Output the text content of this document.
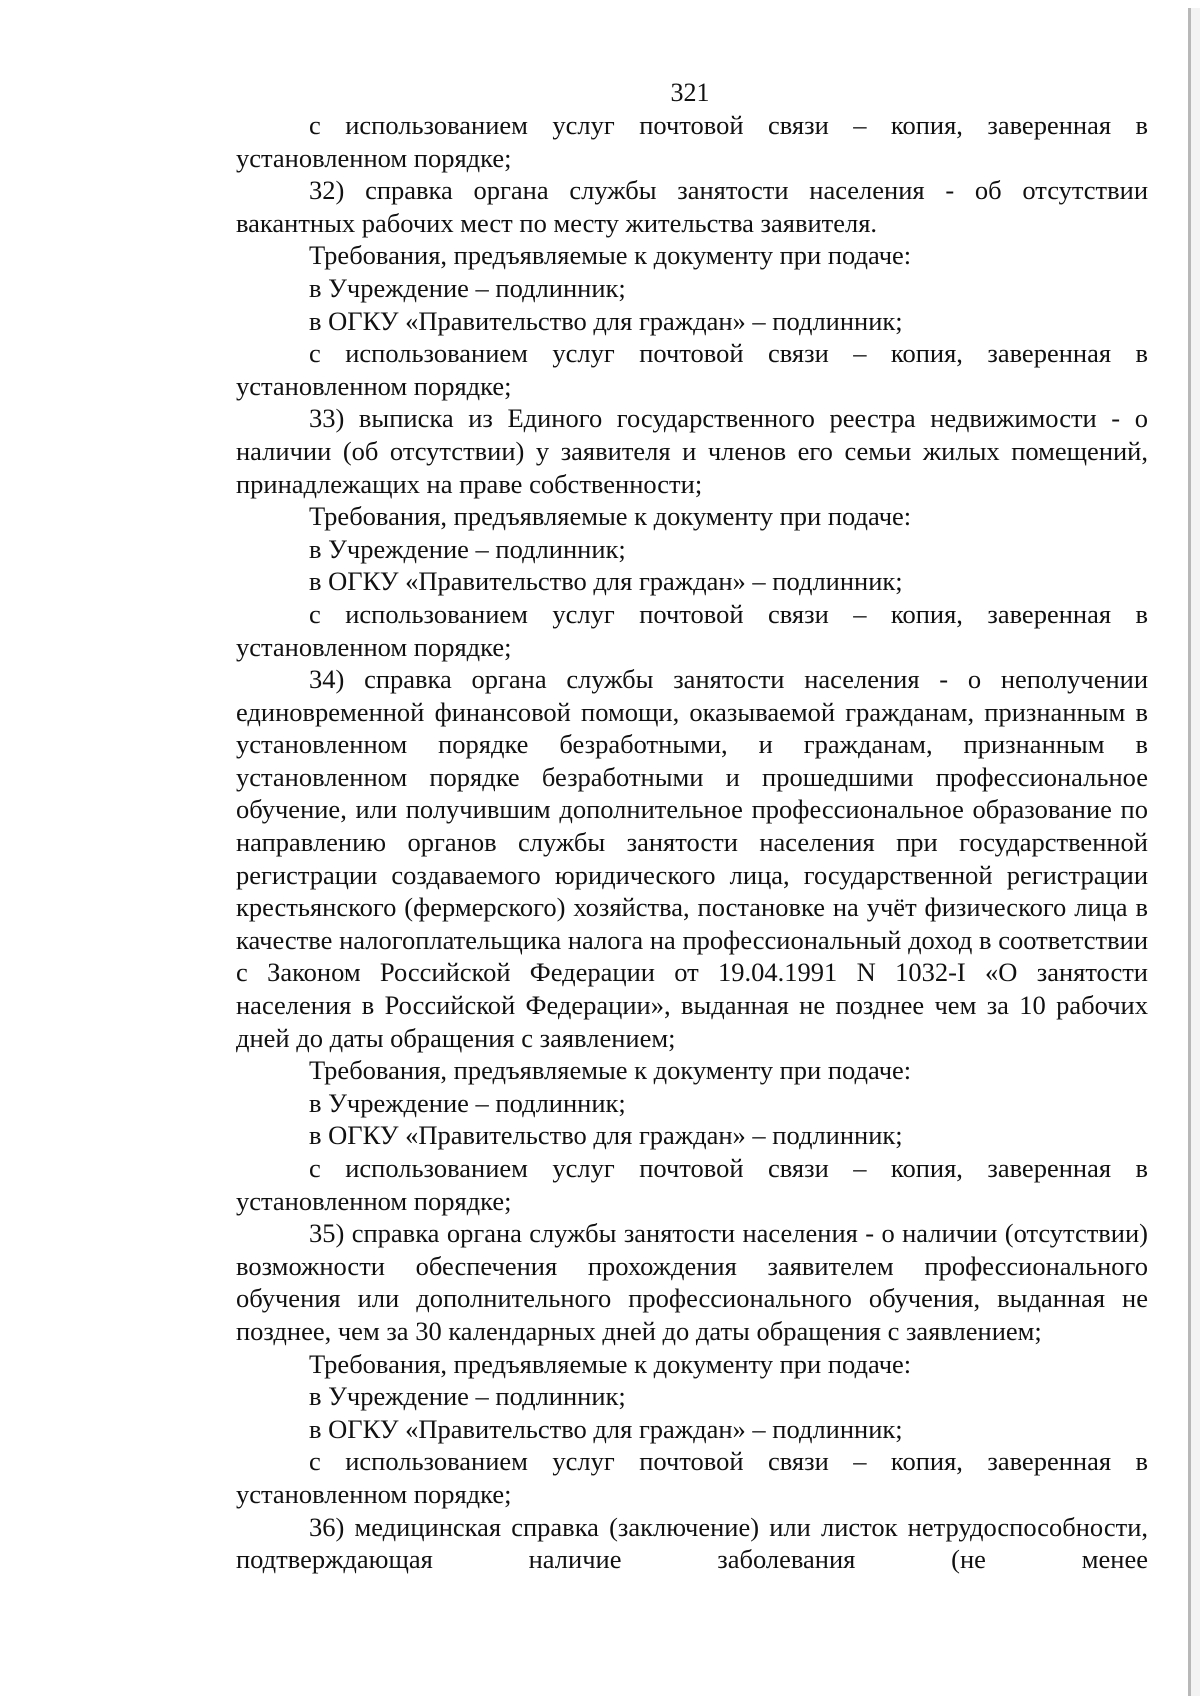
321

с использованием услуг почтовой связи – копия, заверенная в установленном порядке;

32) справка органа службы занятости населения - об отсутствии вакантных рабочих мест по месту жительства заявителя.

Требования, предъявляемые к документу при подаче:

в Учреждение – подлинник;

в ОГКУ «Правительство для граждан» – подлинник;

с использованием услуг почтовой связи – копия, заверенная в установленном порядке;

33) выписка из Единого государственного реестра недвижимости - о наличии (об отсутствии) у заявителя и членов его семьи жилых помещений, принадлежащих на праве собственности;

Требования, предъявляемые к документу при подаче:

в Учреждение – подлинник;

в ОГКУ «Правительство для граждан» – подлинник;

с использованием услуг почтовой связи – копия, заверенная в установленном порядке;

34) справка органа службы занятости населения - о неполучении единовременной финансовой помощи, оказываемой гражданам, признанным в установленном порядке безработными, и гражданам, признанным в установленном порядке безработными и прошедшими профессиональное обучение, или получившим дополнительное профессиональное образование по направлению органов службы занятости населения при государственной регистрации создаваемого юридического лица, государственной регистрации крестьянского (фермерского) хозяйства, постановке на учёт физического лица в качестве налогоплательщика налога на профессиональный доход в соответствии с Законом Российской Федерации от 19.04.1991 N 1032-I «О занятости населения в Российской Федерации», выданная не позднее чем за 10 рабочих дней до даты обращения с заявлением;

Требования, предъявляемые к документу при подаче:

в Учреждение – подлинник;

в ОГКУ «Правительство для граждан» – подлинник;

с использованием услуг почтовой связи – копия, заверенная в установленном порядке;

35) справка органа службы занятости населения - о наличии (отсутствии) возможности обеспечения прохождения заявителем профессионального обучения или дополнительного профессионального обучения, выданная не позднее, чем за 30 календарных дней до даты обращения с заявлением;

Требования, предъявляемые к документу при подаче:

в Учреждение – подлинник;

в ОГКУ «Правительство для граждан» – подлинник;

с использованием услуг почтовой связи – копия, заверенная в установленном порядке;

36) медицинская справка (заключение) или листок нетрудоспособности, подтверждающая наличие заболевания (не менее
